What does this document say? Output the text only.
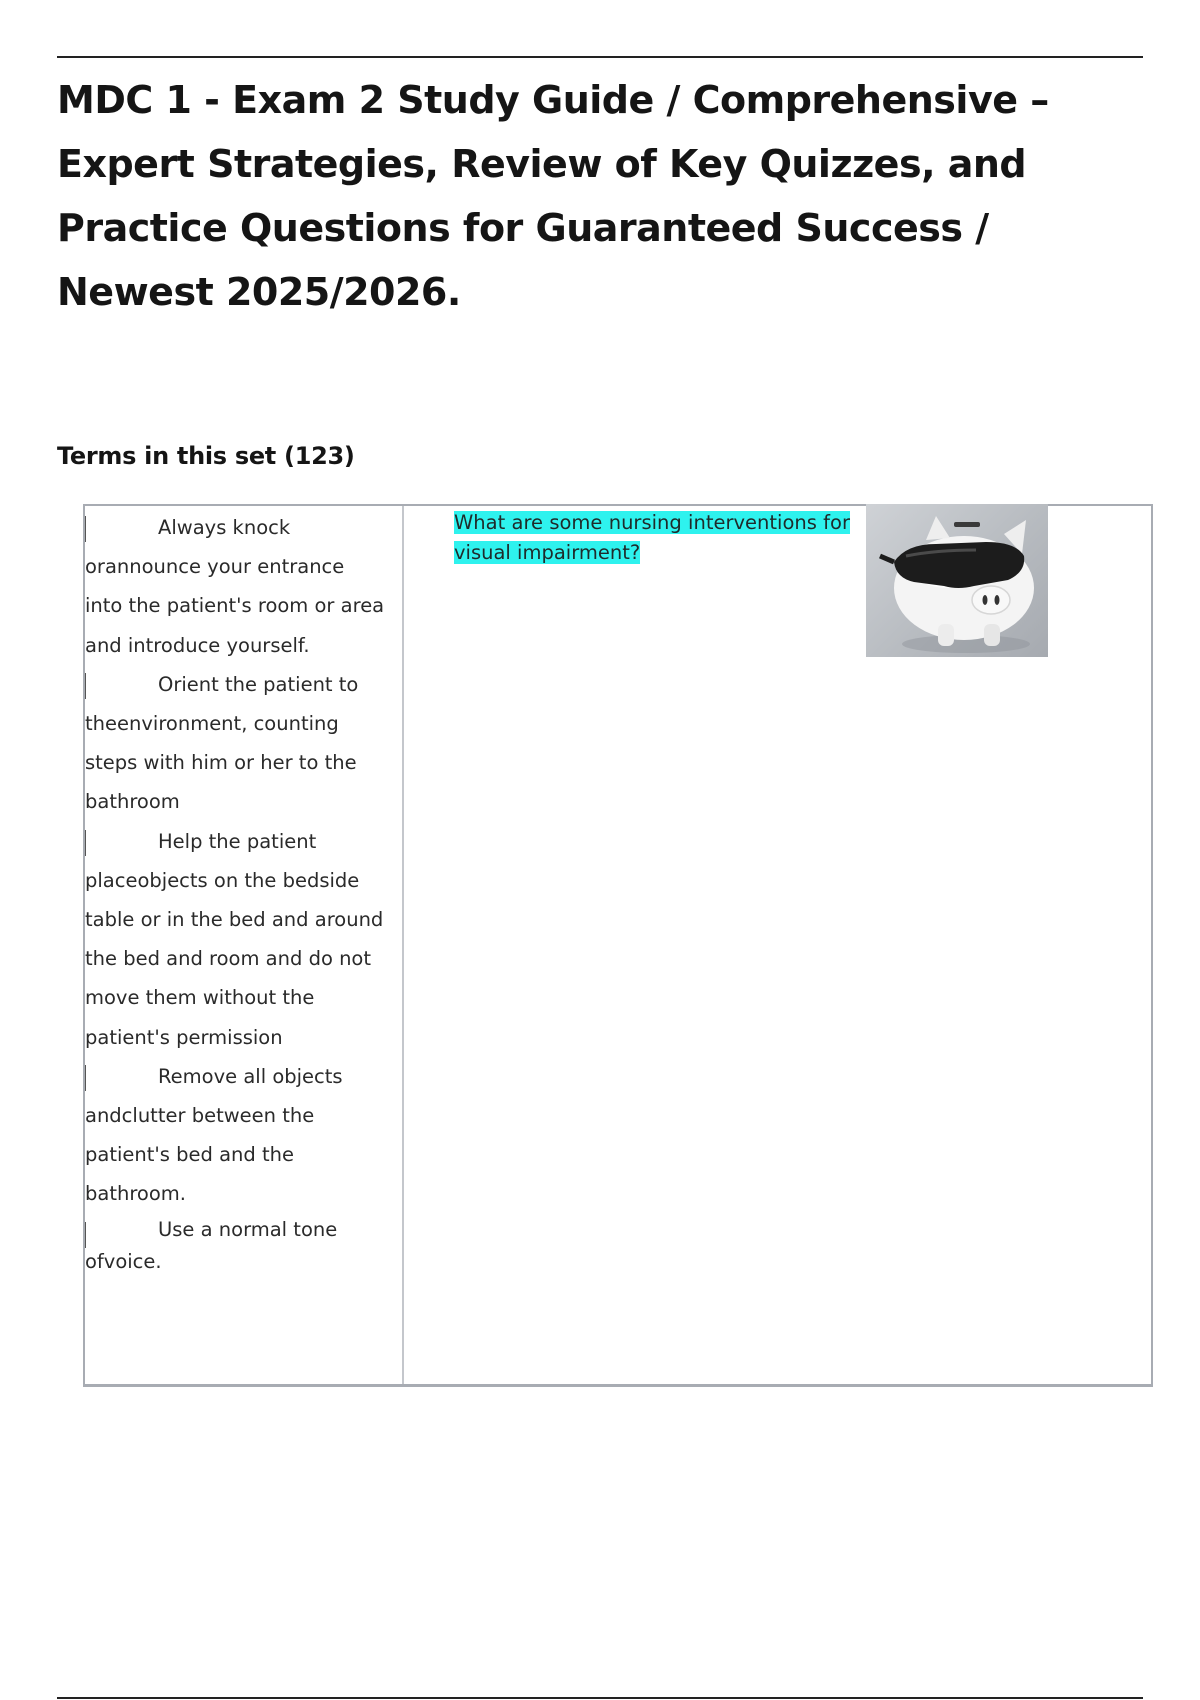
MDC 1 - Exam 2 Study Guide / Comprehensive – Expert Strategies, Review of Key Quizzes, and Practice Questions for Guaranteed Success / Newest 2025/2026.
Terms in this set (123)
Always knock orannounce your entrance into the patient's room or area and introduce yourself.
Orient the patient to theenvironment, counting steps with him or her to the bathroom
Help the patient placeobjects on the bedside table or in the bed and around the bed and room and do not move them without the patient's permission
Remove all objects andclutter between the patient's bed and the bathroom.
Use a normal tone ofvoice.

What are some nursing interventions for visual impairment?
